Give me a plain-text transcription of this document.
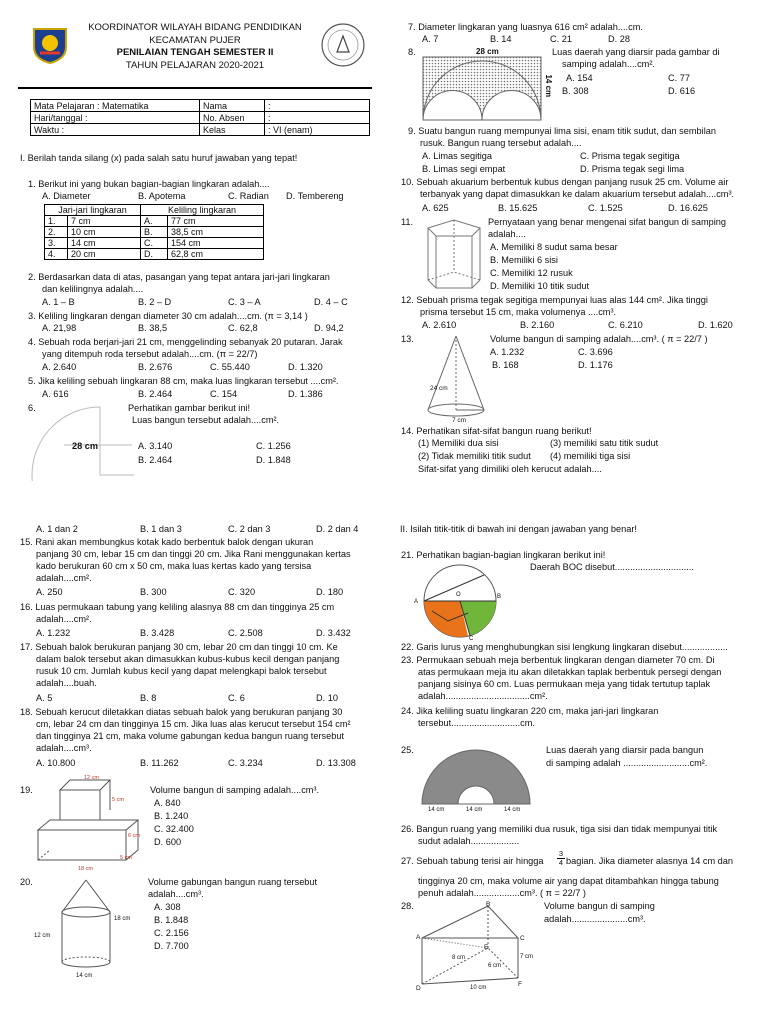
KOORDINATOR WILAYAH BIDANG PENDIDIKAN
KECAMATAN PUJER
PENILAIAN TENGAH SEMESTER II
TAHUN PELAJARAN 2020-2021
Mata Pelajaran : Matematika	Nama	:
Hari/tanggal :	No. Absen	:
Waktu :	Kelas	: VI (enam)
I. Berilah tanda silang (x) pada salah satu huruf jawaban yang tepat!
1. Berikut ini yang bukan bagian-bagian lingkaran adalah....
A. Diameter	B. Apotema	C. Radian D. Tembereng
Jari-jari lingkaran		Keliling lingkaran	
1.	7 cm	A.	77 cm
2.	10 cm	B.	38,5 cm
3.	14 cm	C.	154 cm
4.	20 cm	D.	62,8 cm
2. Berdasarkan data di atas, pasangan yang tepat antara jari-jari lingkaran
dan kelilingnya adalah....
A. 1 – B	B. 2 – D	C. 3 – A	D. 4 – C
3. Keliling lingkaran dengan diameter 30 cm adalah....cm. (π = 3,14 )
A. 21,98	B. 38,5	C. 62,8	D. 94,2
4. Sebuah roda berjari-jari 21 cm, menggelinding sebanyak 20 putaran. Jarak
yang ditempuh roda tersebut adalah....cm. (π = 22/7)
A. 2.640	B. 2.676	C. 55.440	D. 1.320
5. Jika keliling sebuah lingkaran 88 cm, maka luas lingkaran tersebut ....cm².
A. 616	B. 2.464	C. 154	D. 1.386
6.
28 cm
Perhatikan gambar berikut ini!
Luas bangun tersebut adalah....cm².
A. 3.140
B. 2.464
C. 1.256
D. 1.848
7. Diameter lingkaran yang luasnya 616 cm² adalah....cm.
A. 7	B. 14	C. 21	D. 28
8.	28 cm
14 cm
Luas daerah yang diarsir pada gambar di
samping adalah....cm².
A. 154
B. 308
C. 77
D. 616
9. Suatu bangun ruang mempunyai lima sisi, enam titik sudut, dan sembilan
rusuk. Bangun ruang tersebut adalah....
A. Limas segitiga
B. Limas segi empat
C. Prisma tegak segitiga
D. Prisma tegak segi lima
10. Sebuah akuarium berbentuk kubus dengan panjang rusuk 25 cm. Volume air
terbanyak yang dapat dimasukkan ke dalam akuarium tersebut adalah....cm³.
A. 625	B. 15.625	C. 1.525	D. 16.625
11.	Pernyataan yang benar mengenai sifat bangun di samping
adalah....
A. Memiliki 8 sudut sama besar
B. Memiliki 6 sisi
C. Memiliki 12 rusuk
D. Memiliki 10 titik sudut
12. Sebuah prisma tegak segitiga mempunyai luas alas 144 cm². Jika tinggi
prisma tersebut 15 cm, maka volumenya ....cm³.
A. 2.610	B. 2.160	C. 6.210	D. 1.620
13.
24 cm
7 cm
Volume bangun di samping adalah....cm³. ( π = 22/7 )
A. 1.232
B. 168
C. 3.696
D. 1.176
14. Perhatikan sifat-sifat bangun ruang berikut!
(1) Memiliki dua sisi	(3) memiliki satu titik sudut
(2) Tidak memiliki titik sudut (4) memiliki tiga sisi
Sifat-sifat yang dimiliki oleh kerucut adalah....
A. 1 dan 2	B. 1 dan 3	C. 2 dan 3	D. 2 dan 4
15. Rani akan membungkus kotak kado berbentuk balok dengan ukuran
panjang 30 cm, lebar 15 cm dan tinggi 20 cm. Jika Rani menggunakan kertas
kado berukuran 60 cm x 50 cm, maka luas kertas kado yang tersisa
adalah....cm².
A. 250	B. 300	C. 320	D. 180
16. Luas permukaan tabung yang keliling alasnya 88 cm dan tingginya 25 cm
adalah....cm².
A. 1.232	B. 3.428	C. 2.508	D. 3.432
17. Sebuah balok berukuran panjang 30 cm, lebar 20 cm dan tinggi 10 cm. Ke
dalam balok tersebut akan dimasukkan kubus-kubus kecil dengan panjang
rusuk 10 cm. Jumlah kubus kecil yang dapat melengkapi balok tersebut
adalah....buah.
A. 5	B. 8	C. 6	D. 10
18. Sebuah kerucut diletakkan diatas sebuah balok yang berukuran panjang 30
cm, lebar 24 cm dan tingginya 15 cm. Jika luas alas kerucut tersebut 154 cm²
dan tingginya 21 cm, maka volume gabungan kedua bangun ruang tersebut
adalah....cm³.
A. 10.800	B. 11.262	C. 3.234	D. 13.308
19.
12 cm
5 cm
6 cm
5 cm
18 cm
Volume bangun di samping adalah....cm³.
A. 840
B. 1.240
C. 32.400
D. 600
20.
18 cm
12 cm
14 cm
Volume gabungan bangun ruang tersebut
adalah....cm³.
A. 308
B. 1.848
C. 2.156
D. 7.700
II. Isilah titik-titik di bawah ini dengan jawaban yang benar!
21. Perhatikan bagian-bagian lingkaran berikut ini!
Daerah BOC disebut...............................
A
O	B
C
22. Garis lurus yang menghubungkan sisi lengkung lingkaran disebut..................
23. Permukaan sebuah meja berbentuk lingkaran dengan diameter 70 cm. Di
atas permukaan meja itu akan diletakkan taplak berbentuk persegi dengan
panjang sisinya 60 cm. Luas permukaan meja yang tidak tertutup taplak
adalah.................................cm².
24. Jika keliling suatu lingkaran 220 cm, maka jari-jari lingkaran
tersebut...........................cm.
25.
14 cm	14 cm	14 cm
Luas daerah yang diarsir pada bangun
di samping adalah ..........................cm².
26. Bangun ruang yang memiliki dua rusuk, tiga sisi dan tidak mempunyai titik
sudut adalah...................
27. Sebuah tabung terisi air hingga $\frac{3}{4}$ bagian. Jika diameter alasnya 14 cm dan
tingginya 20 cm, maka volume air yang dapat ditambahkan hingga tabung
penuh adalah..................cm³. ( π = 22/7 )
28.
A
B
C
D
E
F
8 cm	7 cm
6 cm
10 cm
Volume bangun di samping
adalah......................cm³.
